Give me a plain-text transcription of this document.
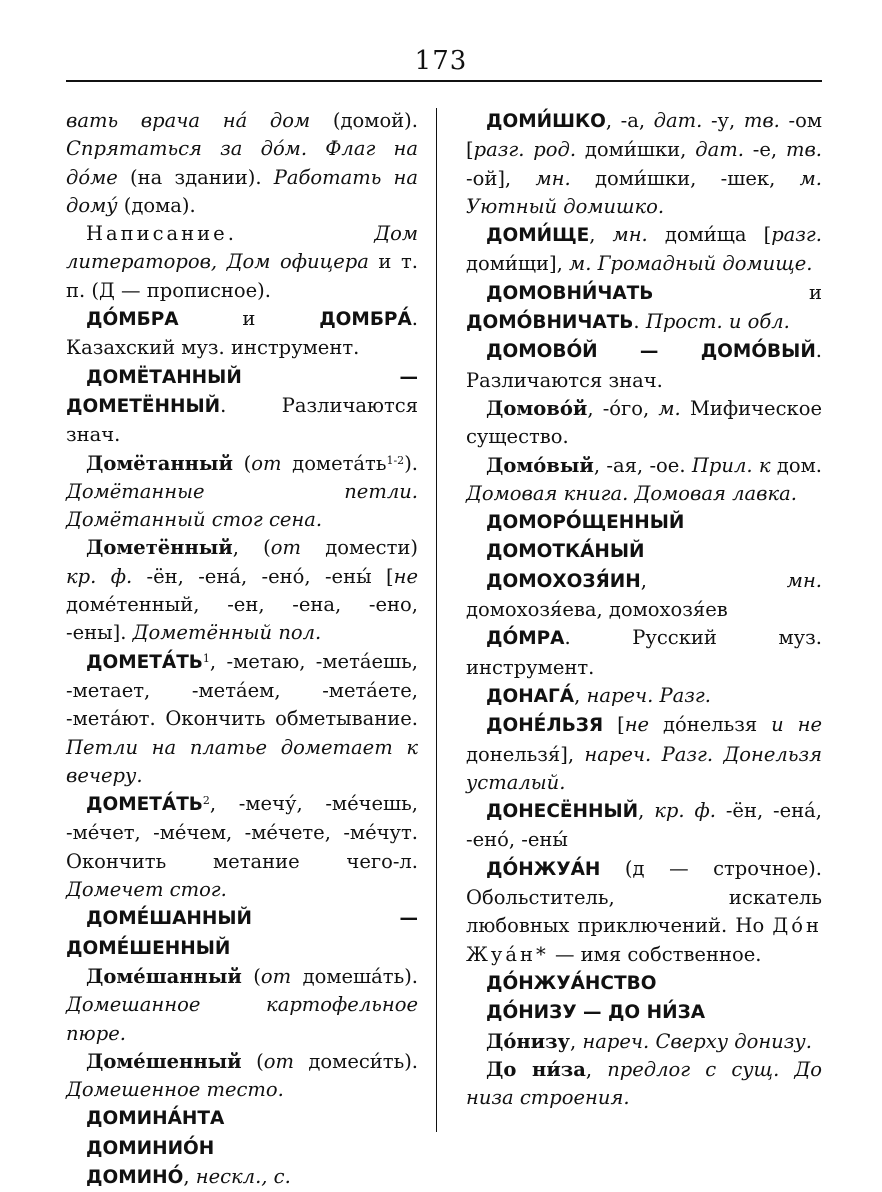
173

вать врача на́ дом (домой). Спрятаться за до́м. Флаг на до́ме (на здании). Работать на дому́ (дома).

Написание.	Дом литераторов, Дом офицера и т. п. (Д — прописное).

ДО́МБРА и ДОМБРА́. Казахский муз. инструмент.

ДОМЁТАННЫЙ — ДОМЕТЁННЫЙ. Различаются знач.

Домётанный (от $домета́ть^{1-2}$). Домётанные петли. Домётанный стог сена.

Дометённый, (от домести) кр. ф. -ён, -ена́, -ено́, -ены́ [не доме́тенный, -ен, -ена, -ено, -ены]. Дометённый пол.

$ДОМЕТА́ТЬ^1$, -метаю, -мета́ешь, -метает, -мета́ем, -мета́ете, -мета́ют. Окончить обметывание. Петли на платье дометает к вечеру.

$ДОМЕТА́ТЬ^2$, -мечу́, -ме́чешь, -ме́чет, -ме́чем, -ме́чете, -ме́чут. Окончить метание чего-л. Домечет стог.

ДОМЕ́ШАННЫЙ — ДОМЕ́ШЕННЫЙ

Доме́шанный (от домеша́ть). Домешанное картофельное пюре.

Доме́шенный (от домеси́ть). Домешенное тесто.

ДОМИНА́НТА

ДОМИНИО́Н

ДОМИНО́, нескл., с.

ДОМИ́ШКО, -а, дат. -у, тв. -ом [разг. род. доми́шки, дат. -е, тв. -ой], мн. доми́шки, -шек, м. Уютный домишко.

ДОМИ́ЩЕ, мн. доми́ща [разг. доми́щи], м. Громадный домище.

ДОМОВНИ́ЧАТЬ и ДОМО́ВНИЧАТЬ. Прост. и обл.

ДОМОВО́Й — ДОМО́ВЫЙ. Различаются знач.

Домово́й, -о́го, м. Мифическое существо.

Домо́вый, -ая, -ое. Прил. к дом. Домовая книга. Домовая лавка.

ДОМОРО́ЩЕННЫЙ

ДОМОТКА́НЫЙ

ДОМОХОЗЯ́ИН, мн. домохозя́ева, домохозя́ев

ДО́МРА. Русский муз. инструмент.

ДОНАГА́, нареч. Разг.

ДОНЕ́ЛЬЗЯ [не до́нельзя и не донельзя́], нареч. Разг. Донельзя усталый.

ДОНЕСЁННЫЙ, кр. ф. -ён, -ена́, -ено́, -ены́

ДО́НЖУА́Н (д — строчное). Обольститель, искатель любовных приключений. Но До́н Жуа́н* — имя собственное.

ДО́НЖУА́НСТВО

ДО́НИЗУ — ДО НИ́ЗА

До́низу, нареч. Сверху донизу.

До ни́за, предлог с сущ. До низа строения.
